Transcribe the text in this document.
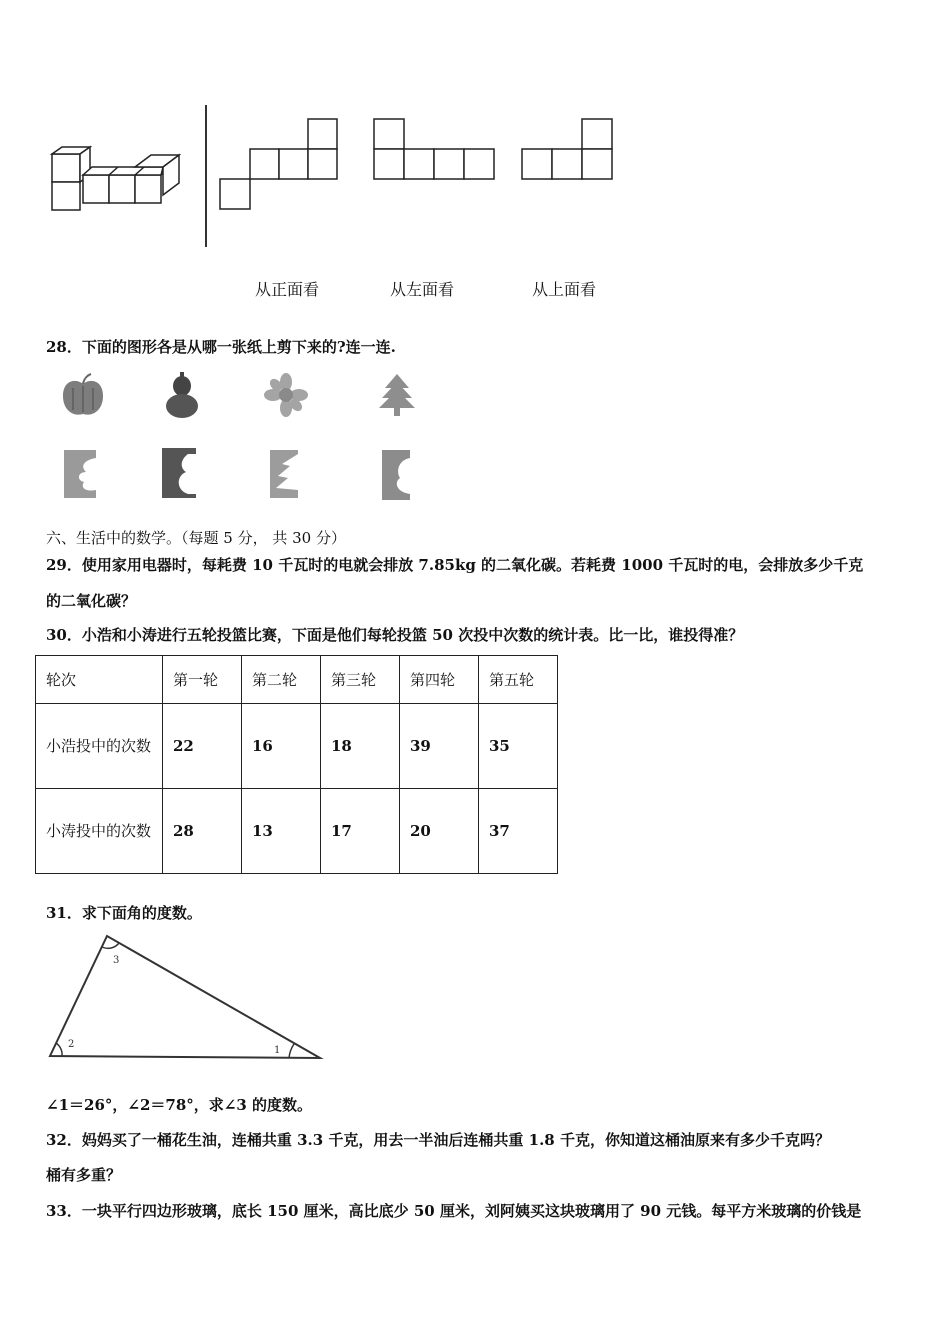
从正面看	从左面看	从上面看
28．下面的图形各是从哪一张纸上剪下来的?连一连.
六、生活中的数学。（每题 5 分， 共 30 分）
29．使用家用电器时，每耗费 10 千瓦时的电就会排放 7.85kg 的二氧化碳。若耗费 1000 千瓦时的电，会排放多少千克
的二氧化碳？
30．小浩和小涛进行五轮投篮比赛，下面是他们每轮投篮 50 次投中次数的统计表。比一比，谁投得准？
轮次	第一轮	第二轮	第三轮	第四轮	第五轮
小浩投中的次数	22	16	18	39	35
小涛投中的次数	28	13	17	20	37
31．求下面角的度数。
2
3
1
∠1＝26°，∠2＝78°，求∠3 的度数。
32．妈妈买了一桶花生油，连桶共重 3.3 千克，用去一半油后连桶共重 1.8 千克，你知道这桶油原来有多少千克吗？
桶有多重？
33．一块平行四边形玻璃，底长 150 厘米，高比底少 50 厘米，刘阿姨买这块玻璃用了 90 元钱。每平方米玻璃的价钱是
